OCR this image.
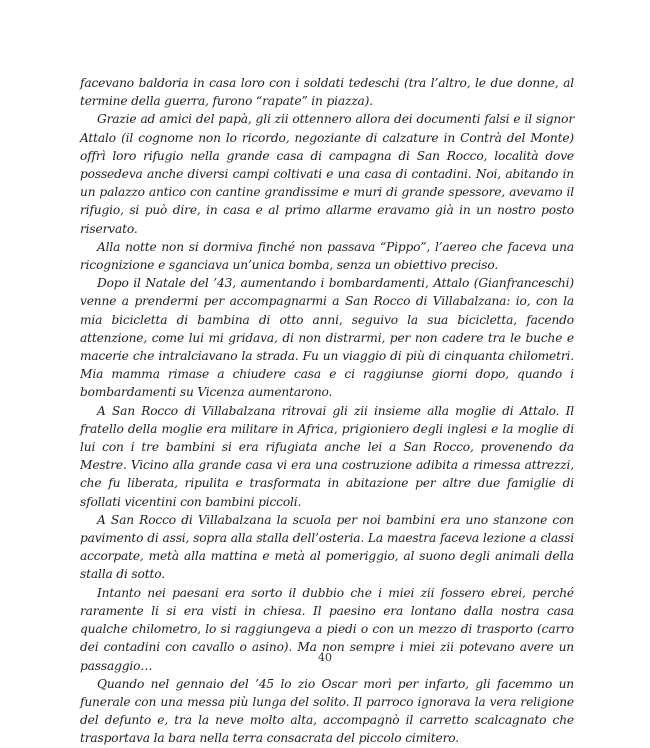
facevano baldoria in casa loro con i soldati tedeschi (tra l’altro, le due donne, al termine della guerra, furono “rapate” in piazza).

Grazie ad amici del papà, gli zii ottennero allora dei documenti falsi e il signor Attalo (il cognome non lo ricordo, negoziante di calzature in Contrà del Monte) offrì loro rifugio nella grande casa di campagna di San Rocco, località dove possedeva anche diversi campi coltivati e una casa di contadini. Noi, abitando in un palazzo antico con cantine grandissime e muri di grande spessore, avevamo il rifugio, si può dire, in casa e al primo allarme eravamo già in un nostro posto riservato.

Alla notte non si dormiva finché non passava “Pippo”, l’aereo che faceva una ricognizione e sganciava un’unica bomba, senza un obiettivo preciso.

Dopo il Natale del ’43, aumentando i bombardamenti, Attalo (Gianfranceschi) venne a prendermi per accompagnarmi a San Rocco di Villabalzana: io, con la mia bicicletta di bambina di otto anni, seguivo la sua bicicletta, facendo attenzione, come lui mi gridava, di non distrarmi, per non cadere tra le buche e macerie che intralciavano la strada. Fu un viaggio di più di cinquanta chilometri. Mia mamma rimase a chiudere casa e ci raggiunse giorni dopo, quando i bombardamenti su Vicenza aumentarono.

A San Rocco di Villabalzana ritrovai gli zii insieme alla moglie di Attalo. Il fratello della moglie era militare in Africa, prigioniero degli inglesi e la moglie di lui con i tre bambini si era rifugiata anche lei a San Rocco, provenendo da Mestre. Vicino alla grande casa vi era una costruzione adibita a rimessa attrezzi, che fu liberata, ripulita e trasformata in abitazione per altre due famiglie di sfollati vicentini con bambini piccoli.

A San Rocco di Villabalzana la scuola per noi bambini era uno stanzone con pavimento di assi, sopra alla stalla dell’osteria. La maestra faceva lezione a classi accorpate, metà alla mattina e metà al pomeriggio, al suono degli animali della stalla di sotto.

Intanto nei paesani era sorto il dubbio che i miei zii fossero ebrei, perché raramente li si era visti in chiesa. Il paesino era lontano dalla nostra casa qualche chilometro, lo si raggiungeva a piedi o con un mezzo di trasporto (carro dei contadini con cavallo o asino). Ma non sempre i miei zii potevano avere un passaggio…

Quando nel gennaio del ’45 lo zio Oscar morì per infarto, gli facemmo un funerale con una messa più lunga del solito. Il parroco ignorava la vera religione del defunto e, tra la neve molto alta, accompagnò il carretto scalcagnato che trasportava la bara nella terra consacrata del piccolo cimitero.

40
